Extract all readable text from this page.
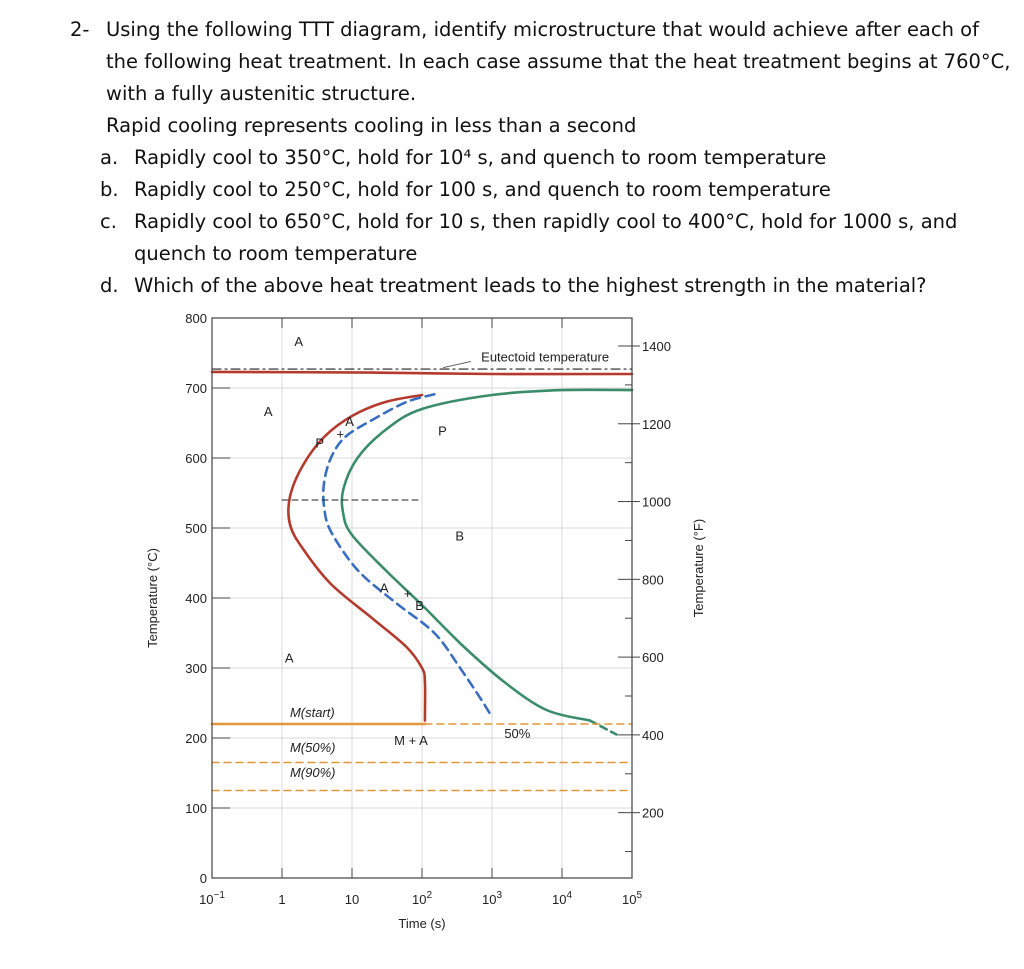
2- Using the following TTT diagram, identify microstructure that would achieve after each of
the following heat treatment. In each case assume that the heat treatment begins at 760°C,
with a fully austenitic structure.
Rapid cooling represents cooling in less than a second
a. Rapidly cool to 350°C, hold for 10⁴ s, and quench to room temperature
b. Rapidly cool to 250°C, hold for 100 s, and quench to room temperature
c. Rapidly cool to 650°C, hold for 10 s, then rapidly cool to 400°C, hold for 1000 s, and
quench to room temperature
d. Which of the above heat treatment leads to the highest strength in the material?
$10^{-1}$	1	10	$10^2$	$10^3$	$10^4$	$10^5$
0
100
200
300
400
500
600
700
800
200
400
600
800
1000
1200
1400
A
Eutectoid temperature
A
A
+
P
P
B
A +
B
A
M(start)
M + A	50%
M(50%)
M(90%)
Time (s)
Temperature (°C)	Temperature (°F)
